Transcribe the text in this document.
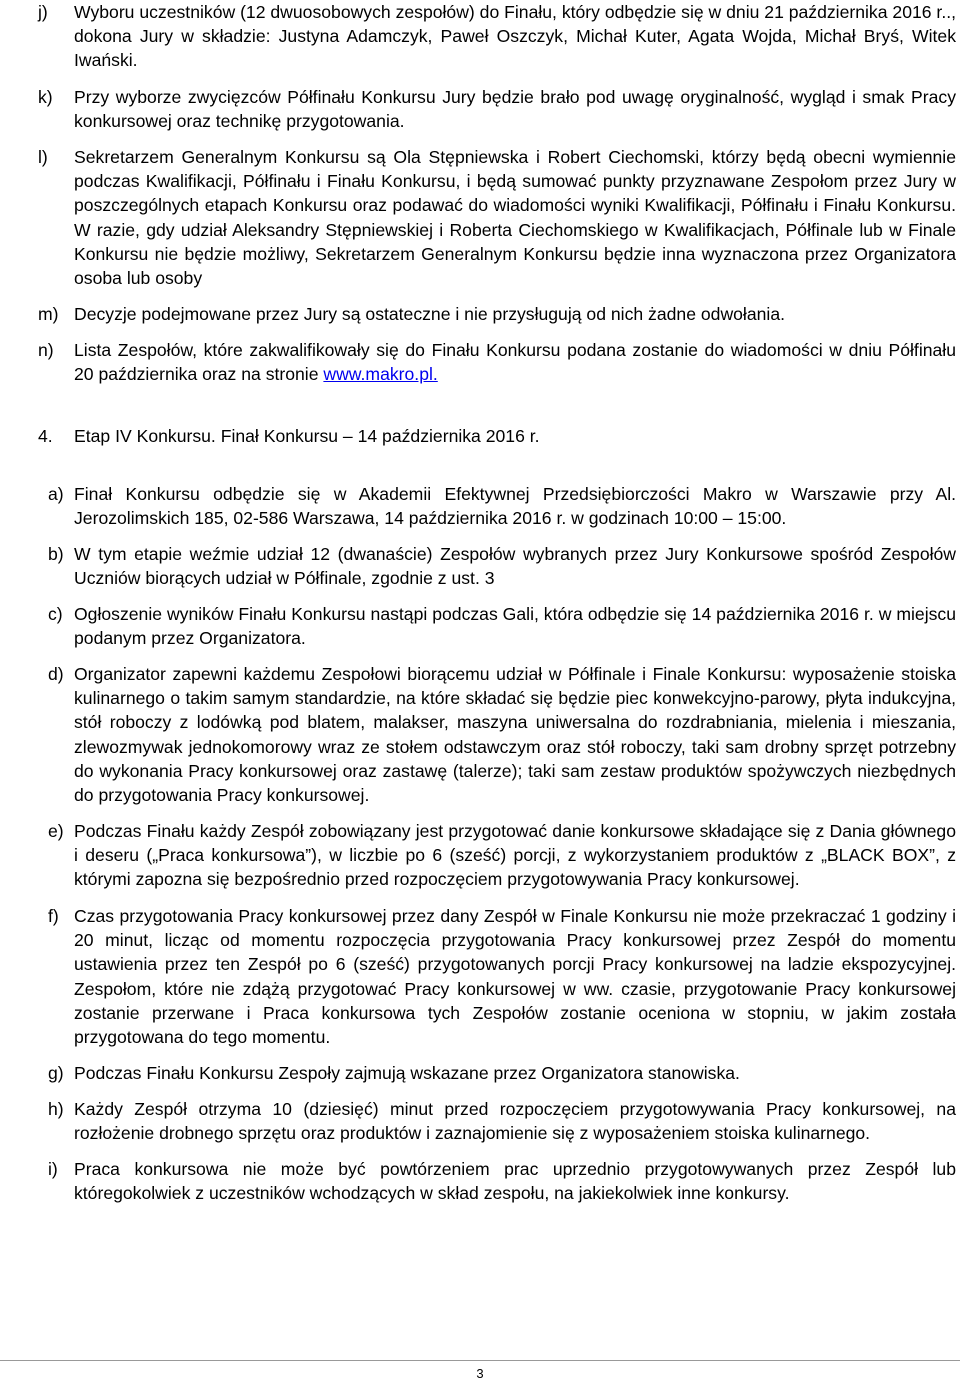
j) Wyboru uczestników (12 dwuosobowych zespołów) do Finału, który odbędzie się w dniu 21 października 2016 r.., dokona Jury w składzie: Justyna Adamczyk, Paweł Oszczyk, Michał Kuter, Agata Wojda, Michał Bryś, Witek Iwański.
k) Przy wyborze zwycięzców Półfinału Konkursu Jury będzie brało pod uwagę oryginalność, wygląd i smak Pracy konkursowej oraz technikę przygotowania.
l) Sekretarzem Generalnym Konkursu są Ola Stępniewska i Robert Ciechomski, którzy będą obecni wymiennie podczas Kwalifikacji, Półfinału i Finału Konkursu, i będą sumować punkty przyznawane Zespołom przez Jury w poszczególnych etapach Konkursu oraz podawać do wiadomości wyniki Kwalifikacji, Półfinału i Finału Konkursu. W razie, gdy udział Aleksandry Stępniewskiej i Roberta Ciechomskiego w Kwalifikacjach, Półfinale lub w Finale Konkursu nie będzie możliwy, Sekretarzem Generalnym Konkursu będzie inna wyznaczona przez Organizatora osoba lub osoby
m) Decyzje podejmowane przez Jury są ostateczne i nie przysługują od nich żadne odwołania.
n) Lista Zespołów, które zakwalifikowały się do Finału Konkursu podana zostanie do wiadomości w dniu Półfinału 20 października oraz na stronie www.makro.pl.
4. Etap IV Konkursu. Finał Konkursu – 14 października 2016 r.
a) Finał Konkursu odbędzie się w Akademii Efektywnej Przedsiębiorczości Makro w Warszawie przy Al. Jerozolimskich 185, 02-586 Warszawa, 14 października 2016 r. w godzinach 10:00 – 15:00.
b) W tym etapie weźmie udział 12 (dwanaście) Zespołów wybranych przez Jury Konkursowe spośród Zespołów Uczniów biorących udział w Półfinale, zgodnie z ust. 3
c) Ogłoszenie wyników Finału Konkursu nastąpi podczas Gali, która odbędzie się 14 października 2016 r. w miejscu podanym przez Organizatora.
d) Organizator zapewni każdemu Zespołowi biorącemu udział w Półfinale i Finale Konkursu: wyposażenie stoiska kulinarnego o takim samym standardzie, na które składać się będzie piec konwekcyjno-parowy, płyta indukcyjna, stół roboczy z lodówką pod blatem, malakser, maszyna uniwersalna do rozdrabniania, mielenia i mieszania, zlewozmywak jednokomorowy wraz ze stołem odstawczym oraz stół roboczy, taki sam drobny sprzęt potrzebny do wykonania Pracy konkursowej oraz zastawę (talerze); taki sam zestaw produktów spożywczych niezbędnych do przygotowania Pracy konkursowej.
e) Podczas Finału każdy Zespół zobowiązany jest przygotować danie konkursowe składające się z Dania głównego i deseru („Praca konkursowa”), w liczbie po 6 (sześć) porcji, z wykorzystaniem produktów z „BLACK BOX”, z którymi zapozna się bezpośrednio przed rozpoczęciem przygotowywania Pracy konkursowej.
f) Czas przygotowania Pracy konkursowej przez dany Zespół w Finale Konkursu nie może przekraczać 1 godziny i 20 minut, licząc od momentu rozpoczęcia przygotowania Pracy konkursowej przez Zespół do momentu ustawienia przez ten Zespół po 6 (sześć) przygotowanych porcji Pracy konkursowej na ladzie ekspozycyjnej. Zespołom, które nie zdążą przygotować Pracy konkursowej w ww. czasie, przygotowanie Pracy konkursowej zostanie przerwane i Praca konkursowa tych Zespołów zostanie oceniona w stopniu, w jakim została przygotowana do tego momentu.
g) Podczas Finału Konkursu Zespoły zajmują wskazane przez Organizatora stanowiska.
h) Każdy Zespół otrzyma 10 (dziesięć) minut przed rozpoczęciem przygotowywania Pracy konkursowej, na rozłożenie drobnego sprzętu oraz produktów i zaznajomienie się z wyposażeniem stoiska kulinarnego.
i) Praca konkursowa nie może być powtórzeniem prac uprzednio przygotowywanych przez Zespół lub któregokolwiek z uczestników wchodzących w skład zespołu, na jakiekolwiek inne konkursy.
3
